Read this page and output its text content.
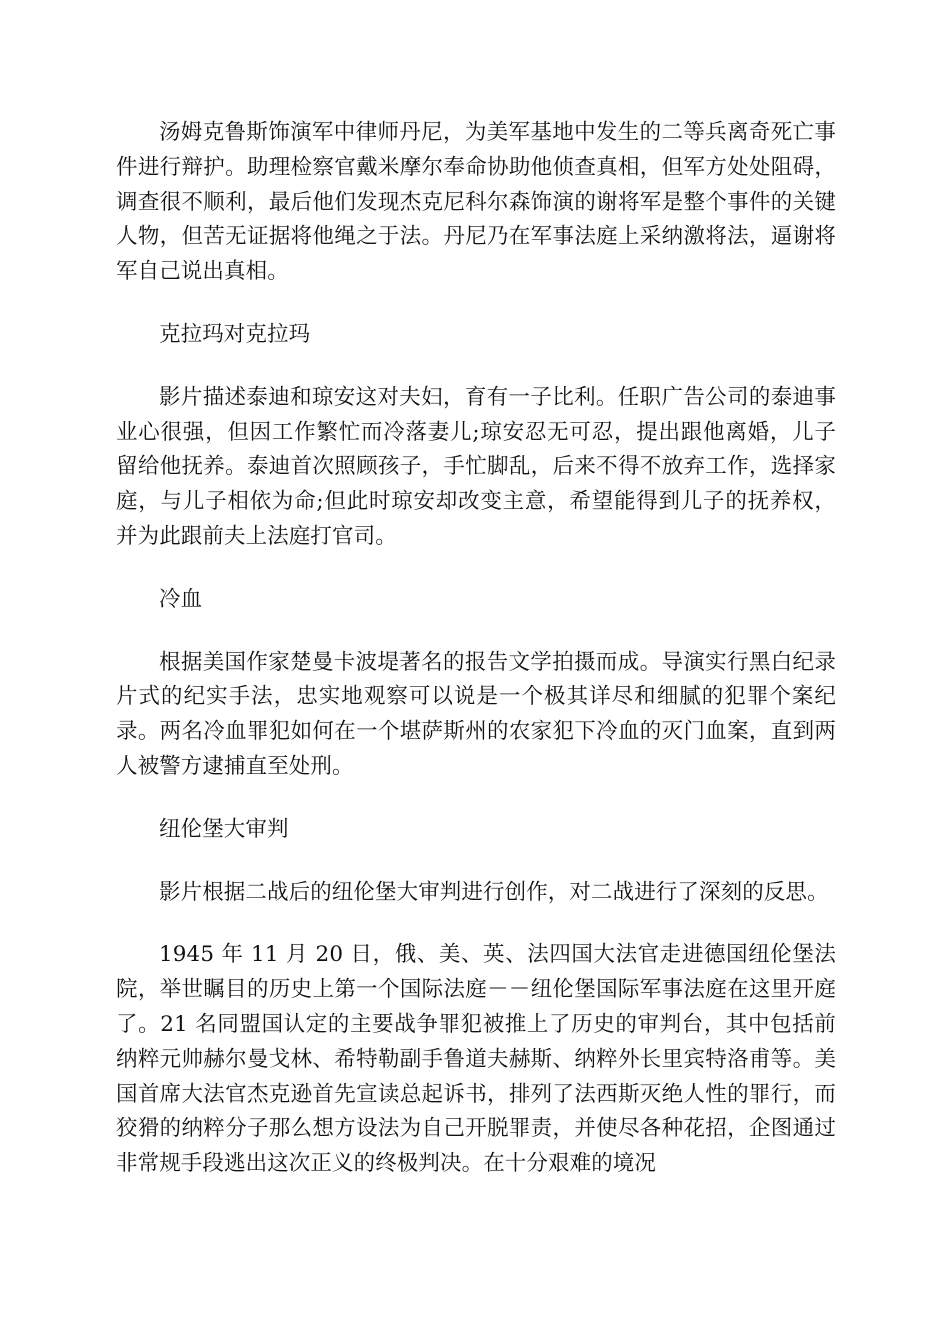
汤姆克鲁斯饰演军中律师丹尼，为美军基地中发生的二等兵离奇死亡事件进行辩护。助理检察官戴米摩尔奉命协助他侦查真相，但军方处处阻碍，调查很不顺利，最后他们发现杰克尼科尔森饰演的谢将军是整个事件的关键人物，但苦无证据将他绳之于法。丹尼乃在军事法庭上采纳激将法，逼谢将军自己说出真相。

克拉玛对克拉玛

影片描述泰迪和琼安这对夫妇，育有一子比利。任职广告公司的泰迪事业心很强，但因工作繁忙而冷落妻儿;琼安忍无可忍，提出跟他离婚，儿子留给他抚养。泰迪首次照顾孩子，手忙脚乱，后来不得不放弃工作，选择家庭，与儿子相依为命;但此时琼安却改变主意，希望能得到儿子的抚养权，并为此跟前夫上法庭打官司。

冷血

根据美国作家楚曼卡波堤著名的报告文学拍摄而成。导演实行黑白纪录片式的纪实手法，忠实地观察可以说是一个极其详尽和细腻的犯罪个案纪录。两名冷血罪犯如何在一个堪萨斯州的农家犯下冷血的灭门血案，直到两人被警方逮捕直至处刑。

纽伦堡大审判

影片根据二战后的纽伦堡大审判进行创作，对二战进行了深刻的反思。

1945 年 11 月 20 日，俄、美、英、法四国大法官走进德国纽伦堡法院，举世瞩目的历史上第一个国际法庭－－纽伦堡国际军事法庭在这里开庭了。21 名同盟国认定的主要战争罪犯被推上了历史的审判台，其中包括前纳粹元帅赫尔曼戈林、希特勒副手鲁道夫赫斯、纳粹外长里宾特洛甫等。美国首席大法官杰克逊首先宣读总起诉书，排列了法西斯灭绝人性的罪行，而狡猾的纳粹分子那么想方设法为自己开脱罪责，并使尽各种花招，企图通过非常规手段逃出这次正义的终极判决。在十分艰难的境况
